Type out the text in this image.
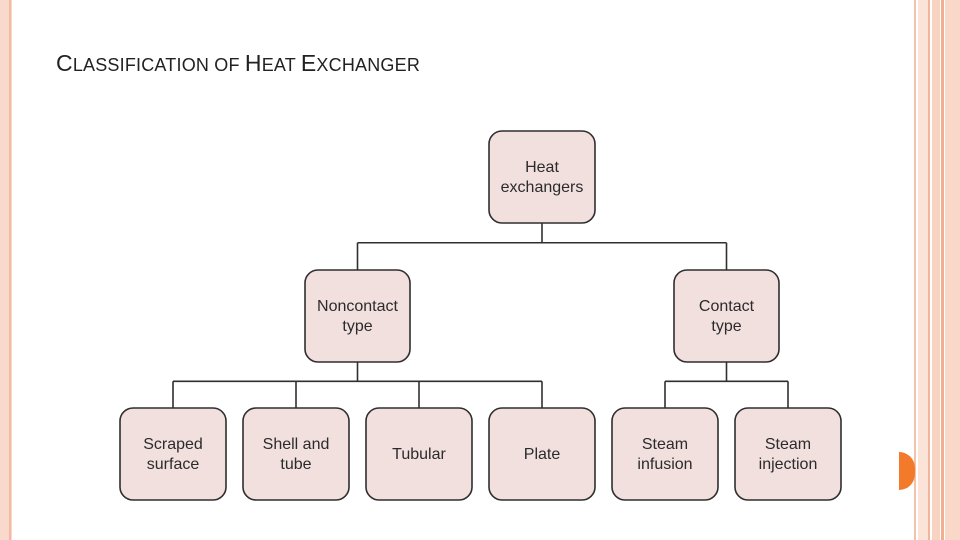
CLASSIFICATION OF HEAT EXCHANGER
Heat
exchangers
Noncontact
type
Contact
type
Scraped
surface
Shell and
tube
Tubular	Plate
Steam
infusion
Steam
injection
